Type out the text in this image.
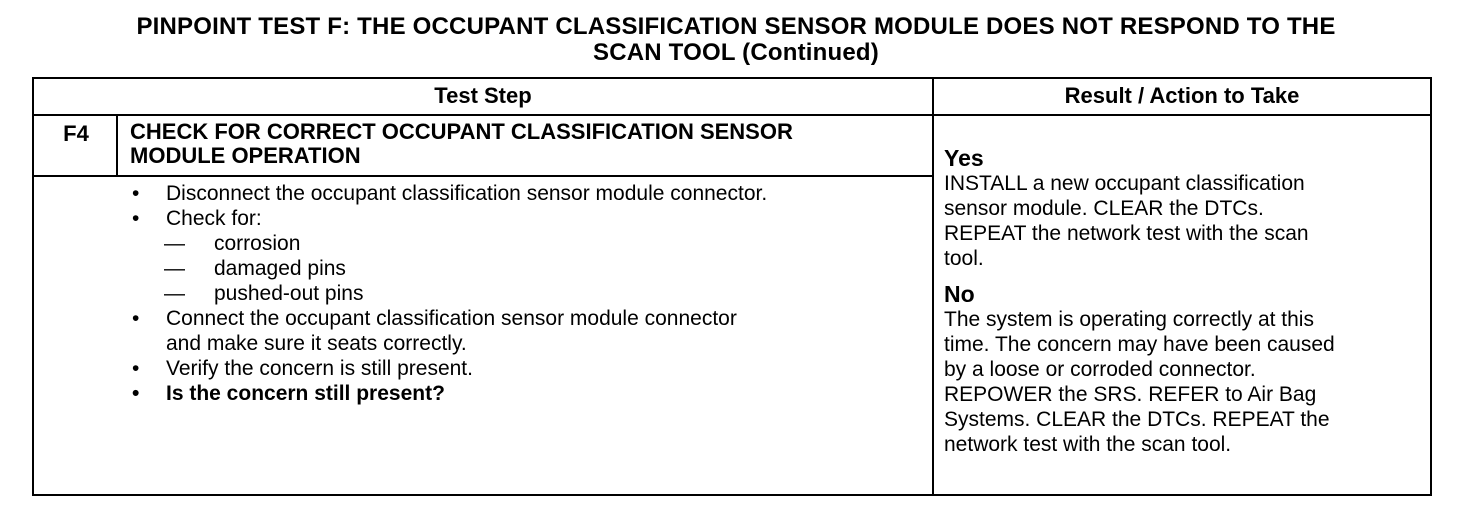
PINPOINT TEST F: THE OCCUPANT CLASSIFICATION SENSOR MODULE DOES NOT RESPOND TO THE
SCAN TOOL (Continued)
Test Step	Result / Action to Take
F4	CHECK FOR CORRECT OCCUPANT CLASSIFICATION SENSOR
MODULE OPERATION
• Disconnect the occupant classification sensor module connector.
• Check for:
— corrosion
— damaged pins
— pushed-out pins
• Connect the occupant classification sensor module connector
and make sure it seats correctly.
• Verify the concern is still present.
• Is the concern still present?
Yes

INSTALL a new occupant classification

sensor module. CLEAR the DTCs.

REPEAT the network test with the scan

tool.

No

The system is operating correctly at this

time. The concern may have been caused

by a loose or corroded connector.

REPOWER the SRS. REFER to Air Bag

Systems. CLEAR the DTCs. REPEAT the

network test with the scan tool.
